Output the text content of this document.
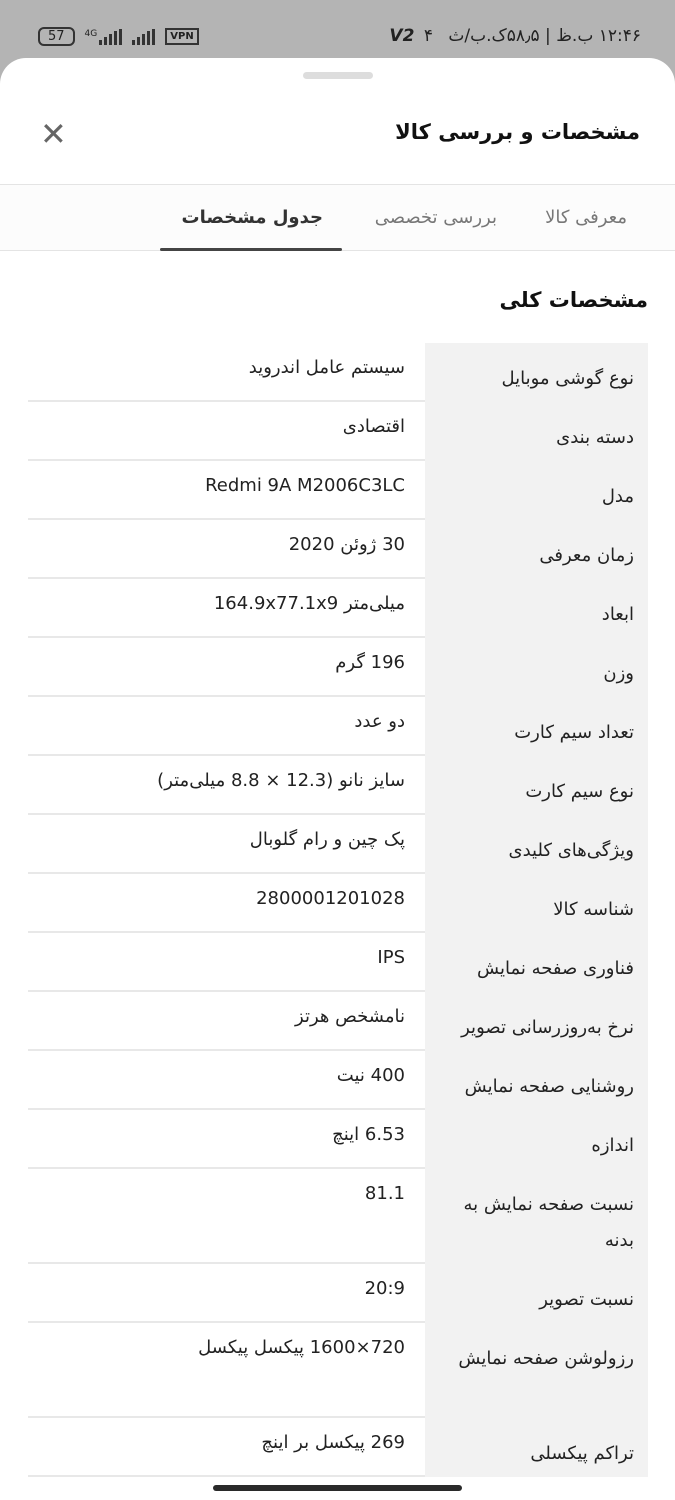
۱۲:۴۶ ب.ظ | ۵۸٫۵ک.ب/ث V2 ۴
57	4G	VPN
مشخصات و بررسی کالا
✕
معرفی کالا
بررسی تخصصی
جدول مشخصات
مشخصات کلی
نوع گوشی موبایل
سیستم عامل اندروید
دسته بندی
اقتصادی
مدل
Redmi 9A M2006C3LC
زمان معرفی
30 ژوئن 2020
ابعاد
میلی‌متر 164.9x77.1x9
وزن
196 گرم
تعداد سیم کارت
دو عدد
نوع سیم کارت
سایز نانو (12.3 × 8.8 میلی‌متر)
ویژگی‌های کلیدی
پک چین و رام گلوبال
شناسه کالا
2800001201028
فناوری صفحه نمایش
IPS
نرخ به‌روزرسانی تصویر
نامشخص هرتز
روشنایی صفحه نمایش
400 نیت
اندازه
6.53 اینچ
نسبت صفحه نمایش به بدنه
81.1
نسبت تصویر
20:9
رزولوشن صفحه نمایش
720×1600 پیکسل پیکسل
تراکم پیکسلی
269 پیکسل بر اینچ
